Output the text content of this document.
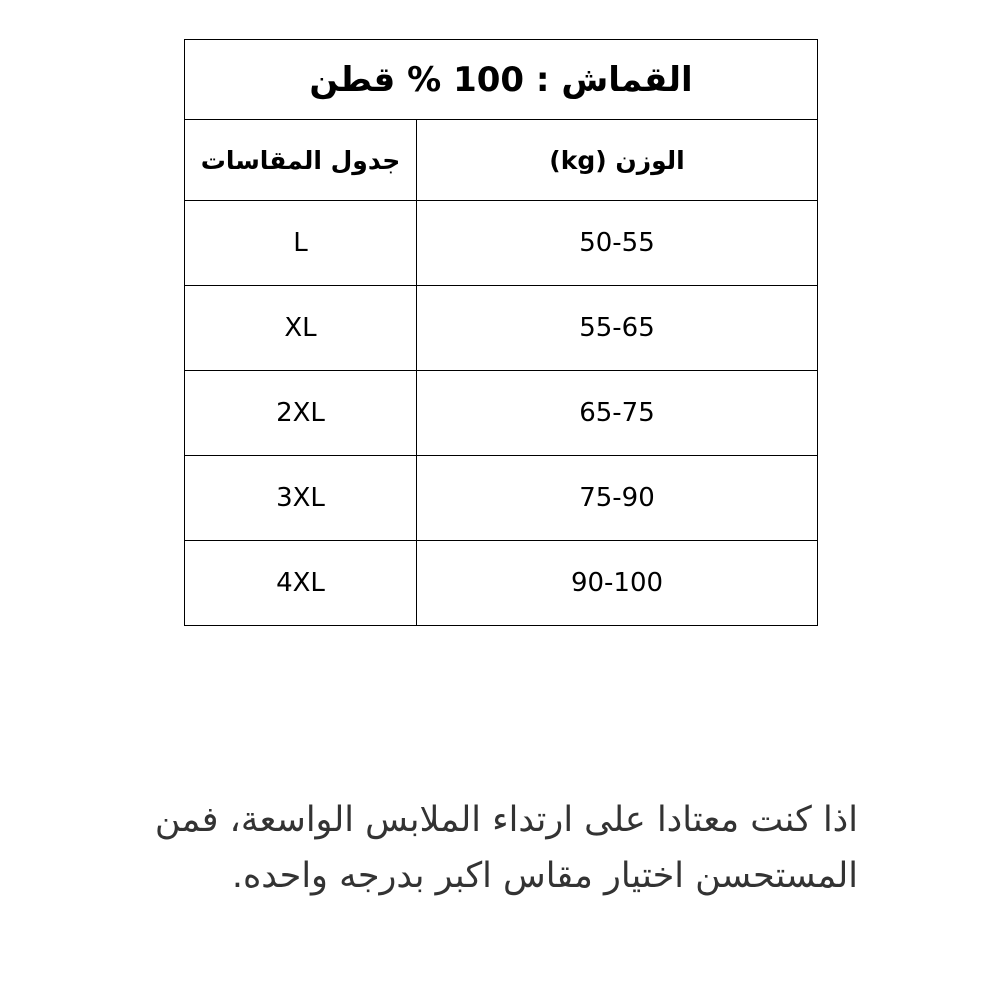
القماش : 100 % قطن	
جدول المقاسات	الوزن (kg)
L	50-55
XL	55-65
2XL	65-75
3XL	75-90
4XL	90-100
اذا كنت معتادا على ارتداء الملابس الواسعة، فمن
المستحسن اختيار مقاس اكبر بدرجه واحده.
